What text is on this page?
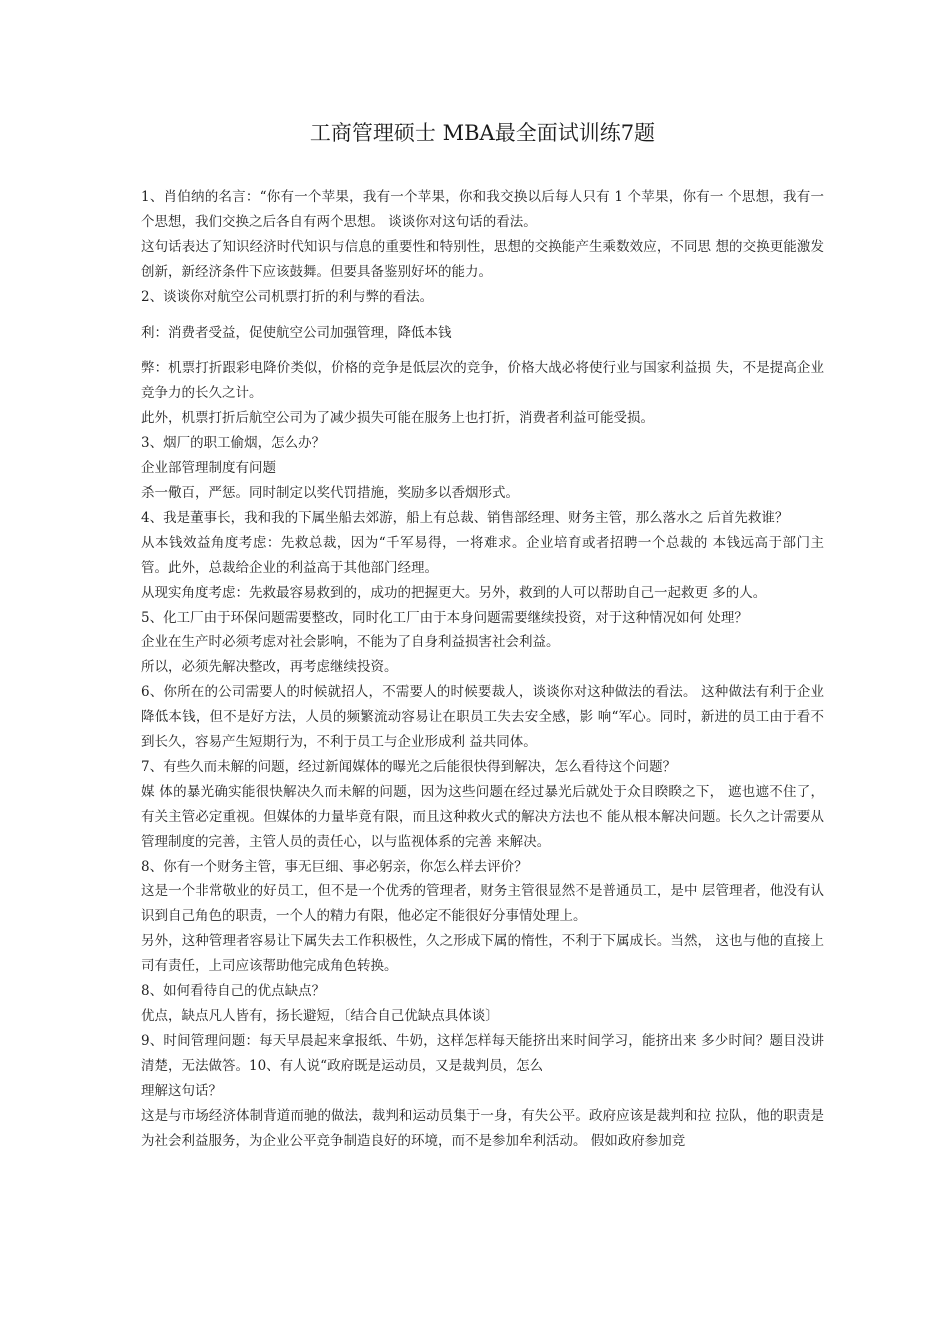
工商管理硕士 MBA最全面试训练7题

1、肖伯纳的名言：“你有一个苹果，我有一个苹果，你和我交换以后每人只有 1 个苹果，你有一 个思想，我有一个思想，我们交换之后各自有两个思想。 谈谈你对这句话的看法。

这句话表达了知识经济时代知识与信息的重要性和特别性，思想的交换能产生乘数效应，不同思 想的交换更能激发创新，新经济条件下应该鼓舞。但要具备鉴别好坏的能力。

2、谈谈你对航空公司机票打折的利与弊的看法。

利：消费者受益，促使航空公司加强管理，降低本钱

弊：机票打折跟彩电降价类似，价格的竞争是低层次的竞争，价格大战必将使行业与国家利益损 失，不是提高企业竞争力的长久之计。

此外，机票打折后航空公司为了减少损失可能在服务上也打折，消费者利益可能受损。

3、烟厂的职工偷烟，怎么办？

企业部管理制度有问题

杀一儆百，严惩。同时制定以奖代罚措施，奖励多以香烟形式。

4、我是董事长，我和我的下属坐船去郊游，船上有总裁、销售部经理、财务主管，那么落水之 后首先救谁？

从本钱效益角度考虑：先救总裁，因为“千军易得，一将难求。企业培育或者招聘一个总裁的 本钱远高于部门主管。此外，总裁给企业的利益高于其他部门经理。

从现实角度考虑：先救最容易救到的，成功的把握更大。另外，救到的人可以帮助自己一起救更 多的人。

5、化工厂由于环保问题需要整改，同时化工厂由于本身问题需要继续投资，对于这种情况如何 处理？

企业在生产时必须考虑对社会影响，不能为了自身利益损害社会利益。

所以，必须先解决整改，再考虑继续投资。

6、你所在的公司需要人的时候就招人，不需要人的时候要裁人，谈谈你对这种做法的看法。 这种做法有利于企业降低本钱，但不是好方法，人员的频繁流动容易让在职员工失去安全感，影 响“军心。同时，新进的员工由于看不到长久，容易产生短期行为，不利于员工与企业形成利 益共同体。

7、有些久而未解的问题，经过新闻媒体的曝光之后能很快得到解决，怎么看待这个问题？

媒 体的暴光确实能很快解决久而未解的问题，因为这些问题在经过暴光后就处于众目睽睽之下， 遮也遮不住了，有关主管必定重视。但媒体的力量毕竟有限，而且这种救火式的解决方法也不 能从根本解决问题。长久之计需要从管理制度的完善，主管人员的责任心，以与监视体系的完善 来解决。

8、你有一个财务主管，事无巨细、事必躬亲，你怎么样去评价？

这是一个非常敬业的好员工，但不是一个优秀的管理者，财务主管很显然不是普通员工，是中 层管理者，他没有认识到自己角色的职责，一个人的精力有限，他必定不能很好分事情处理上。

另外，这种管理者容易让下属失去工作积极性，久之形成下属的惰性，不利于下属成长。当然， 这也与他的直接上司有责任，上司应该帮助他完成角色转换。

8、如何看待自己的优点缺点？

优点，缺点凡人皆有，扬长避短，〔结合自己优缺点具体谈〕

9、时间管理问题：每天早晨起来拿报纸、牛奶，这样怎样每天能挤出来时间学习，能挤出来 多少时间？题目没讲清楚，无法做答。10、有人说“政府既是运动员，又是裁判员，怎么

理解这句话？

这是与市场经济体制背道而驰的做法，裁判和运动员集于一身，有失公平。政府应该是裁判和拉 拉队，他的职责是为社会利益服务，为企业公平竞争制造良好的环境，而不是参加牟利活动。 假如政府参加竞
